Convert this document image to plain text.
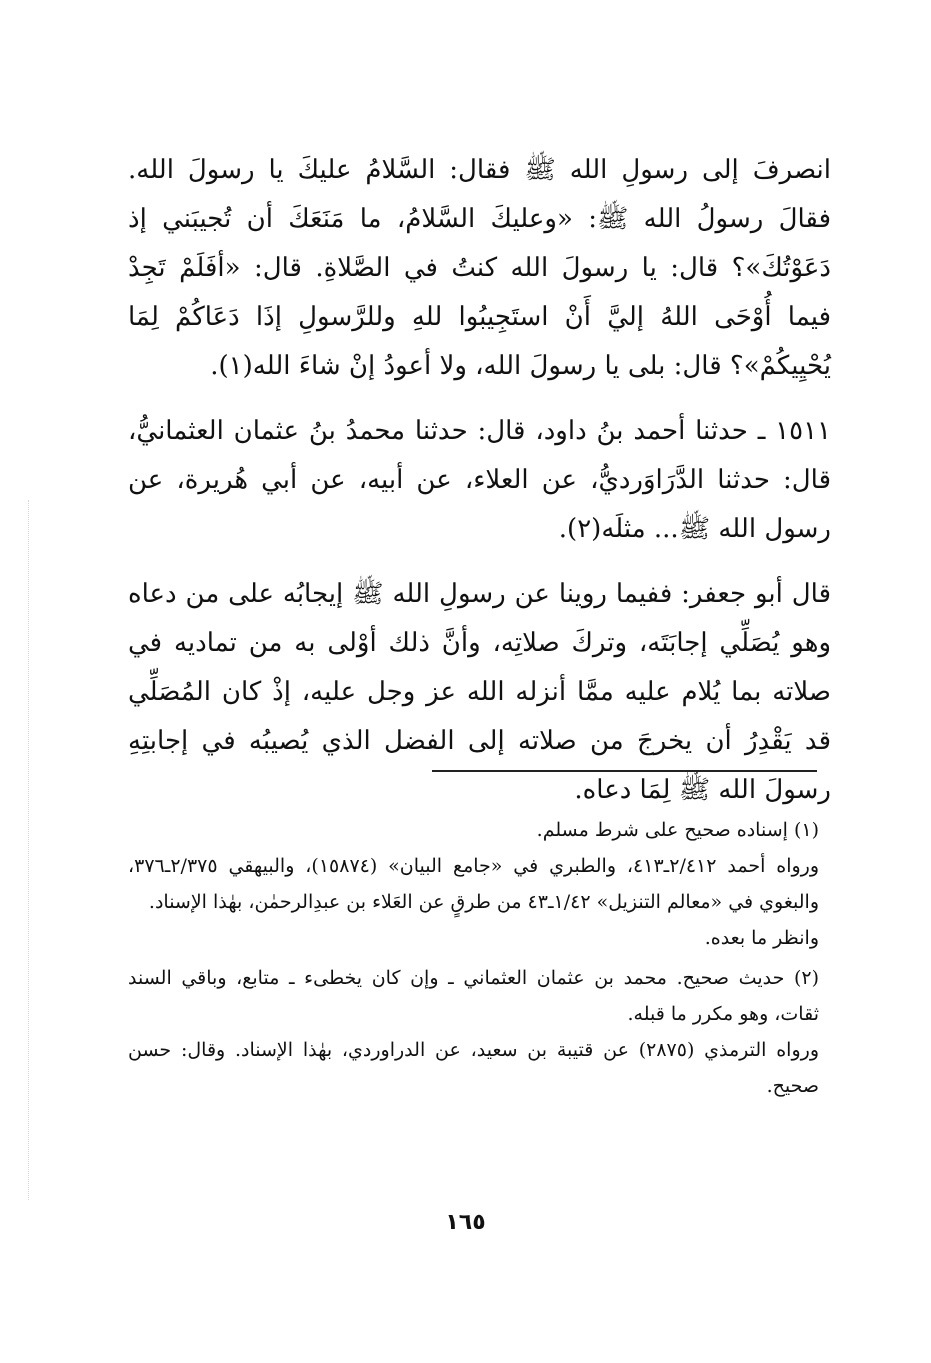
انصرفَ إلى رسولِ الله ﷺ فقال: السَّلامُ عليكَ يا رسولَ الله. فقالَ رسولُ الله ﷺ: «وعليكَ السَّلامُ، ما مَنَعَكَ أن تُجيبَني إذ دَعَوْتُكَ»؟ قال: يا رسولَ الله كنتُ في الصَّلاةِ. قال: «أفَلَمْ تَجِدْ فيما أُوْحَى اللهُ إليَّ أَنْ استَجِيبُوا للهِ وللرَّسولِ إذَا دَعَاكُمْ لِمَا يُحْيِيكُمْ»؟ قال: بلى يا رسولَ الله، ولا أعودُ إنْ شاءَ الله(١).

١٥١١ ـ حدثنا أحمد بنُ داود، قال: حدثنا محمدُ بنُ عثمان العثمانيُّ، قال: حدثنا الدَّرَاوَرديُّ، عن العلاء، عن أبيه، عن أبي هُريرة، عن رسول الله ﷺ... مثلَه(٢).

قال أبو جعفر: ففيما روينا عن رسولِ الله ﷺ إيجابُه على من دعاه وهو يُصَلِّي إجابَتَه، وتركَ صلاتِه، وأنَّ ذلك أوْلى به من تماديه في صلاته بما يُلام عليه ممَّا أنزله الله عز وجل عليه، إذْ كان المُصَلِّي قد يَقْدِرُ أن يخرجَ من صلاته إلى الفضل الذي يُصيبُه في إجابتِهِ رسولَ الله ﷺ لِمَا دعاه.

(١) إسناده صحيح على شرط مسلم.

ورواه أحمد ٢/٤١٢ـ٤١٣، والطبري في «جامع البيان» (١٥٨٧٤)، والبيهقي ٢/٣٧٥ـ٣٧٦، والبغوي في «معالم التنزيل» ١/٤٢ـ٤٣ من طرقٍ عن العَلاء بن عبدِالرحمٰن، بهٰذا الإسناد.

وانظر ما بعده.

(٢) حديث صحيح. محمد بن عثمان العثماني ـ وإن كان يخطىء ـ متابع، وباقي السند ثقات، وهو مكرر ما قبله.

ورواه الترمذي (٢٨٧٥) عن قتيبة بن سعيد، عن الدراوردي، بهٰذا الإسناد. وقال: حسن صحيح.

١٦٥
